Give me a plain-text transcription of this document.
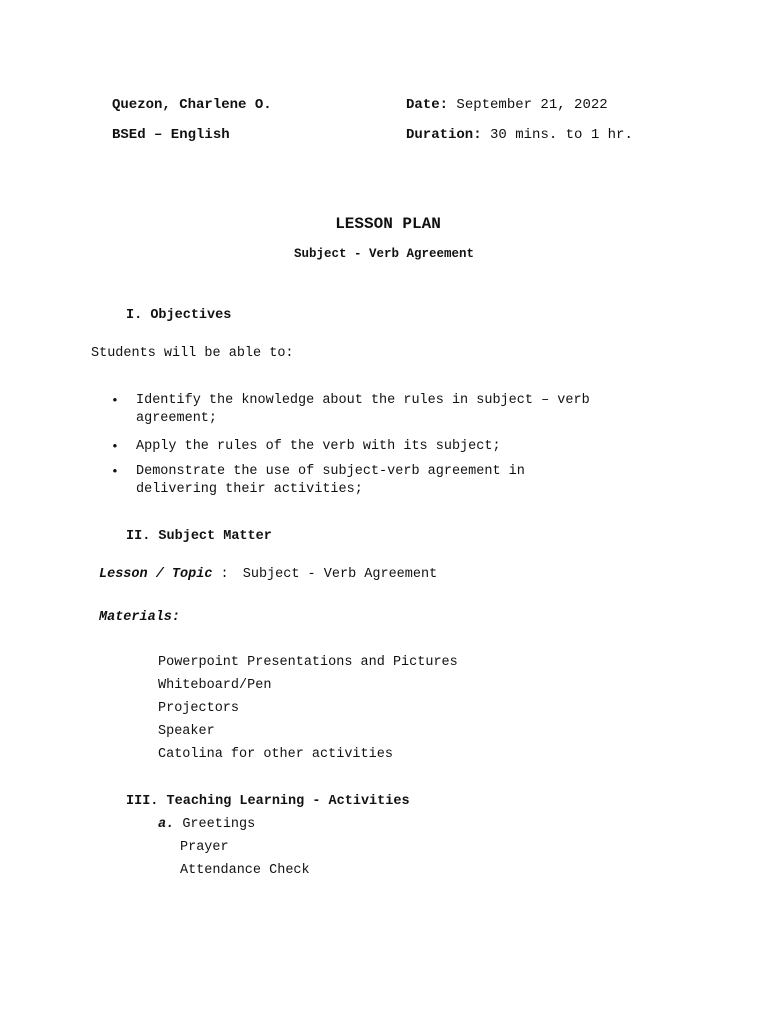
Quezon, Charlene O.
BSEd – English
Date: September 21, 2022
Duration: 30 mins. to 1 hr.
LESSON PLAN
Subject - Verb Agreement
I. Objectives
Students will be able to:
• Identify the knowledge about the rules in subject – verb
agreement;
• Apply the rules of the verb with its subject;
• Demonstrate the use of subject-verb agreement in
delivering their activities;
II. Subject Matter
Lesson / Topic : Subject - Verb Agreement
Materials:
Powerpoint Presentations and Pictures
Whiteboard/Pen
Projectors
Speaker
Catolina for other activities
III. Teaching Learning - Activities
a. Greetings
Prayer
Attendance Check
